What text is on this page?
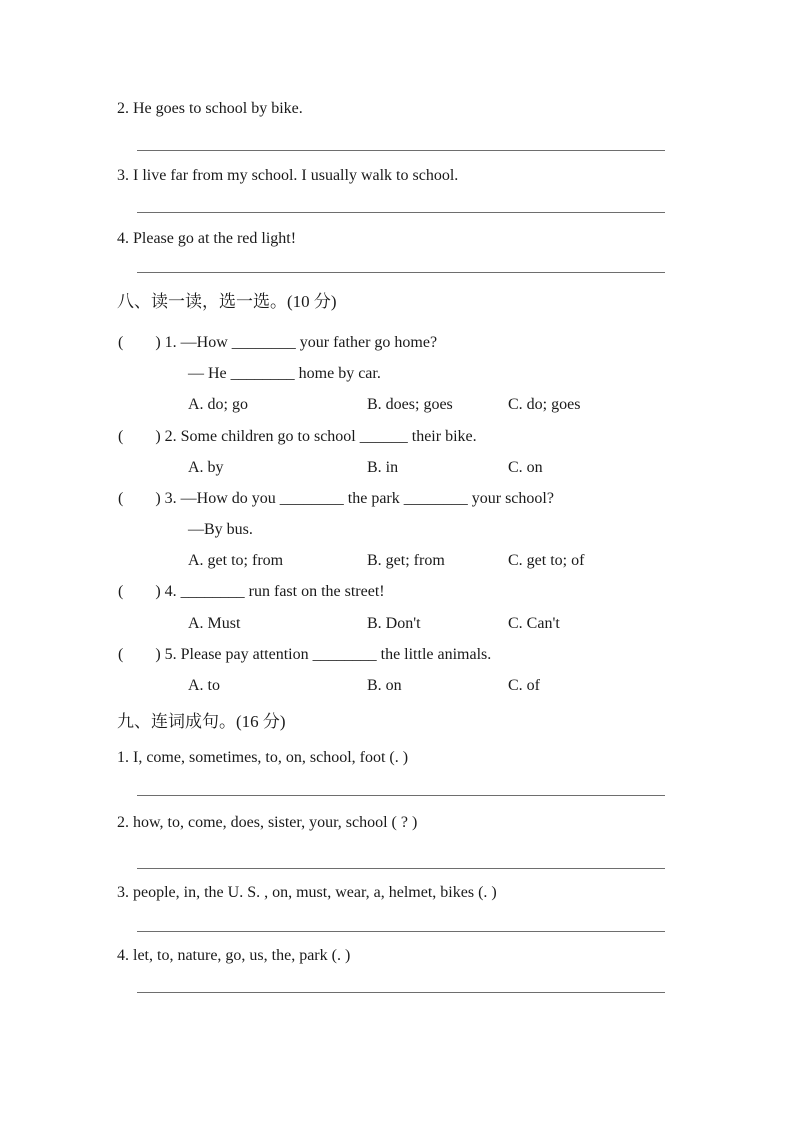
2. He goes to school by bike.
3. I live far from my school. I usually walk to school.
4. Please go at the red light!
八、读一读，选一选。(10 分)
(        ) 1. —How ________ your father go home?
— He ________ home by car.
A. do; go	B. does; goes	C. do; goes
(        ) 2. Some children go to school ______ their bike.
A. by	B. in	C. on
(        ) 3. —How do you ________ the park ________ your school?
—By bus.
A. get to; from	B. get; from	C. get to; of
(        ) 4. ________ run fast on the street!
A. Must	B. Don't	C. Can't
(        ) 5. Please pay attention ________ the little animals.
A. to	B. on	C. of
九、连词成句。(16 分)
1. I, come, sometimes, to, on, school, foot (. )
2. how, to, come, does, sister, your, school ( ? )
3. people, in, the U. S. , on, must, wear, a, helmet, bikes (. )
4. let, to, nature, go, us, the, park (. )
